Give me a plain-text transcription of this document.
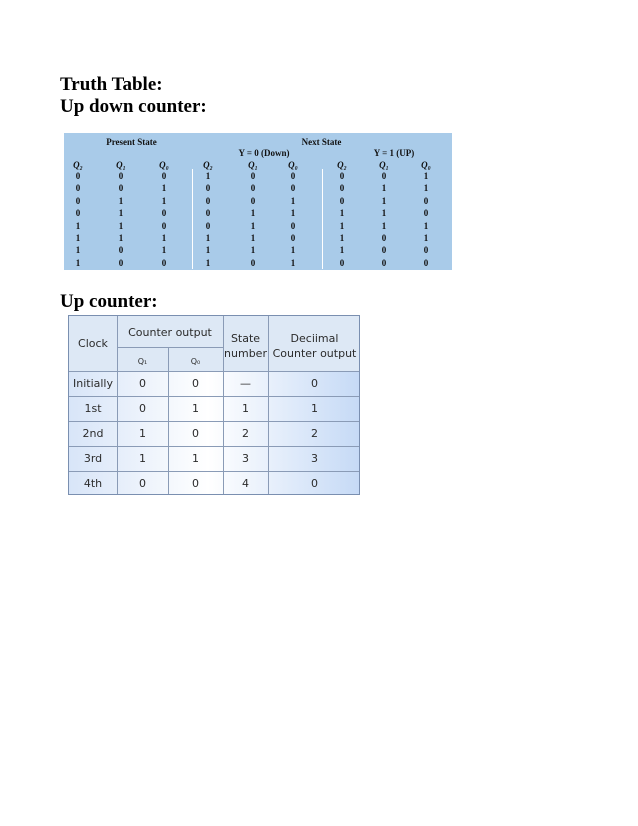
Truth Table:
Up down counter:
Present State	Next State
Y = 0 (Down)	Y = 1 (UP)
Q₂	Q₁	Q₀	Q₂	Q₁	Q₀	Q₂	Q₁	Q₀
0	0	0	1	0	0	0	0	1
0	0	1	0	0	0	0	1	1
0	1	1	0	0	1	0	1	0
0	1	0	0	1	1	1	1	0
1	1	0	0	1	0	1	1	1
1	1	1	1	1	0	1	0	1
1	0	1	1	1	1	1	0	0
1	0	0	1	0	1	0	0	0
Up counter:
Clock
Counter output
Q₁	Q₀
State
number
Deciimal
Counter output
Initially	0	0	—	0
1st	0	1	1	1
2nd	1	0	2	2
3rd	1	1	3	3
4th	0	0	4	0
